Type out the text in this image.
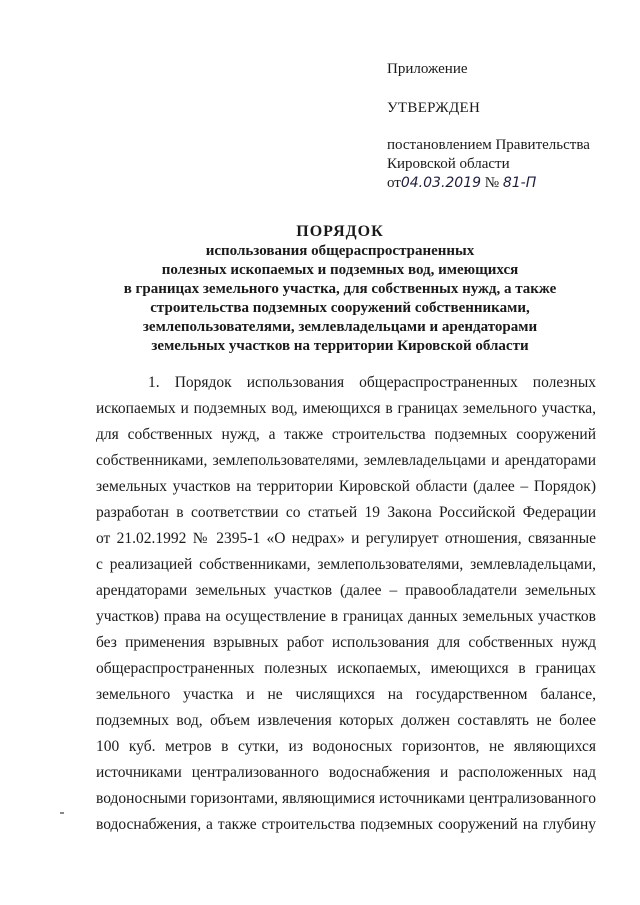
Приложение
УТВЕРЖДЕН
постановлением Правительства
Кировской области
от04.03.2019 № 81-П
ПОРЯДОК
использования общераспространенных
полезных ископаемых и подземных вод, имеющихся
в границах земельного участка, для собственных нужд, а также
строительства подземных сооружений собственниками,
землепользователями, землевладельцами и арендаторами
земельных участков на территории Кировской области
1. Порядок использования общераспространенных полезных
ископаемых и подземных вод, имеющихся в границах земельного участка,
для собственных нужд, а также строительства подземных сооружений
собственниками, землепользователями, землевладельцами и арендаторами
земельных участков на территории Кировской области (далее – Порядок)
разработан в соответствии со статьей 19 Закона Российской Федерации
от 21.02.1992 № 2395-1 «О недрах» и регулирует отношения, связанные
с реализацией собственниками, землепользователями, землевладельцами,
арендаторами земельных участков (далее – правообладатели земельных
участков) права на осуществление в границах данных земельных участков
без применения взрывных работ использования для собственных нужд
общераспространенных полезных ископаемых, имеющихся в границах
земельного участка и не числящихся на государственном балансе,
подземных вод, объем извлечения которых должен составлять не более
100 куб. метров в сутки, из водоносных горизонтов, не являющихся
источниками централизованного водоснабжения и расположенных над
водоносными горизонтами, являющимися источниками централизованного
водоснабжения, а также строительства подземных сооружений на глубину
